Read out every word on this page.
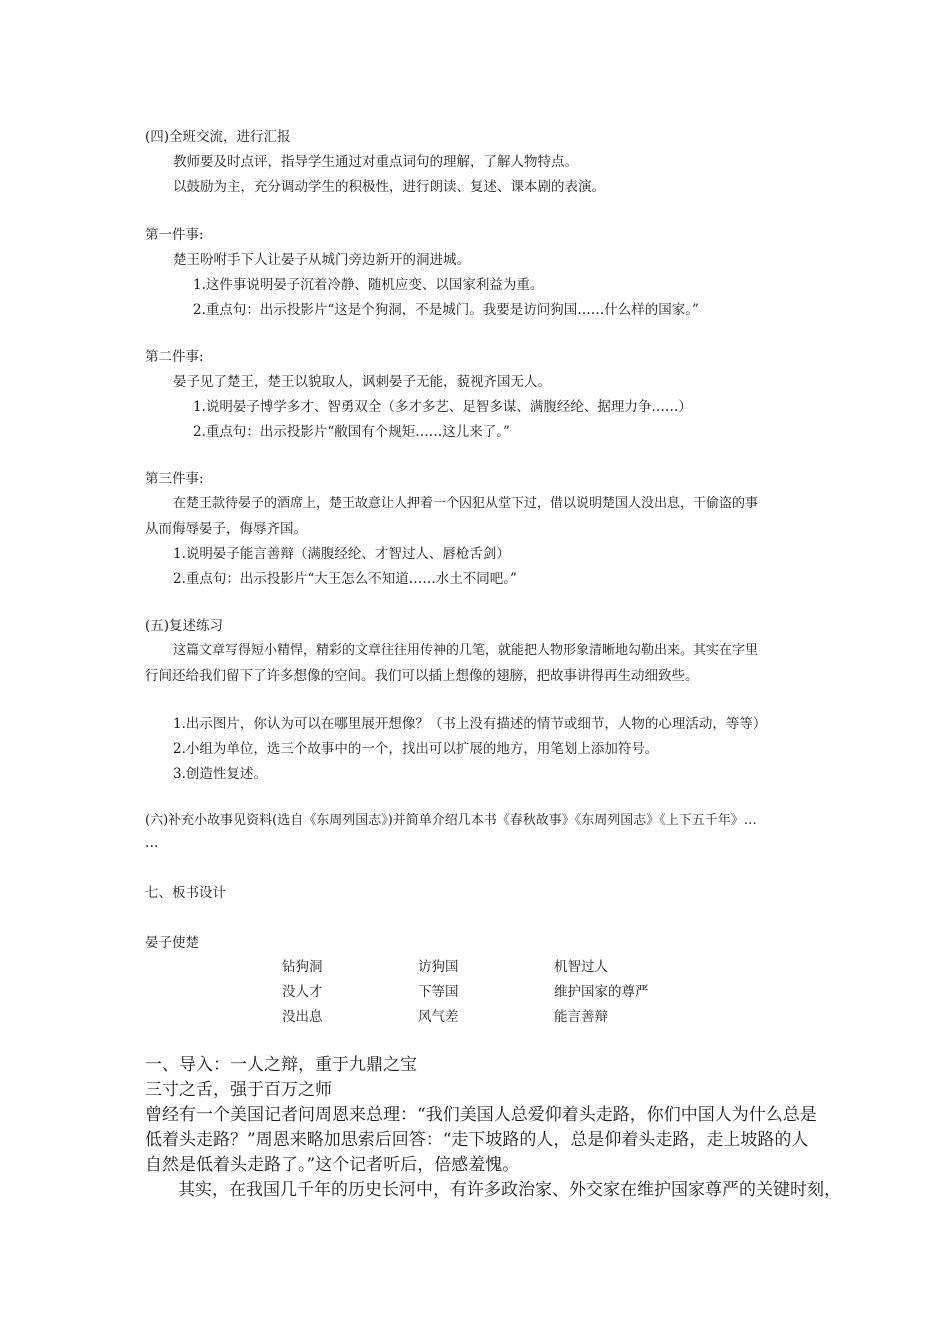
(四)全班交流，进行汇报
教师要及时点评，指导学生通过对重点词句的理解，了解人物特点。
以鼓励为主，充分调动学生的积极性，进行朗读、复述、课本剧的表演。
第一件事:
楚王吩咐手下人让晏子从城门旁边新开的洞进城。
1.这件事说明晏子沉着冷静、随机应变、以国家利益为重。
2.重点句：出示投影片“这是个狗洞，不是城门。我要是访问狗国……什么样的国家。”
第二件事:
晏子见了楚王，楚王以貌取人，讽刺晏子无能，藐视齐国无人。
1.说明晏子博学多才、智勇双全（多才多艺、足智多谋、满腹经纶、据理力争……）
2.重点句：出示投影片“敝国有个规矩……这儿来了。”
第三件事:
在楚王款待晏子的酒席上，楚王故意让人押着一个囚犯从堂下过，借以说明楚国人没出息，干偷盗的事
从而侮辱晏子，侮辱齐国。
1.说明晏子能言善辩（满腹经纶、才智过人、唇枪舌剑）
2.重点句：出示投影片“大王怎么不知道……水土不同吧。”
(五)复述练习
这篇文章写得短小精悍，精彩的文章往往用传神的几笔，就能把人物形象清晰地勾勒出来。其实在字里
行间还给我们留下了许多想像的空间。我们可以插上想像的翅膀，把故事讲得再生动细致些。
1.出示图片，你认为可以在哪里展开想像？（书上没有描述的情节或细节，人物的心理活动，等等）
2.小组为单位，选三个故事中的一个，找出可以扩展的地方，用笔划上添加符号。
3.创造性复述。
(六)补充小故事见资料(选自《东周列国志》)并简单介绍几本书《春秋故事》《东周列国志》《上下五千年》…
…
七、板书设计
晏子使楚
钻狗洞	访狗国	机智过人
没人才	下等国	维护国家的尊严
没出息	风气差	能言善辩
一、导入：一人之辩，重于九鼎之宝
三寸之舌，强于百万之师
曾经有一个美国记者问周恩来总理：“我们美国人总爱仰着头走路，你们中国人为什么总是
低着头走路？”周恩来略加思索后回答：“走下坡路的人，总是仰着头走路，走上坡路的人
自然是低着头走路了。”这个记者听后，倍感羞愧。
其实，在我国几千年的历史长河中，有许多政治家、外交家在维护国家尊严的关键时刻，
